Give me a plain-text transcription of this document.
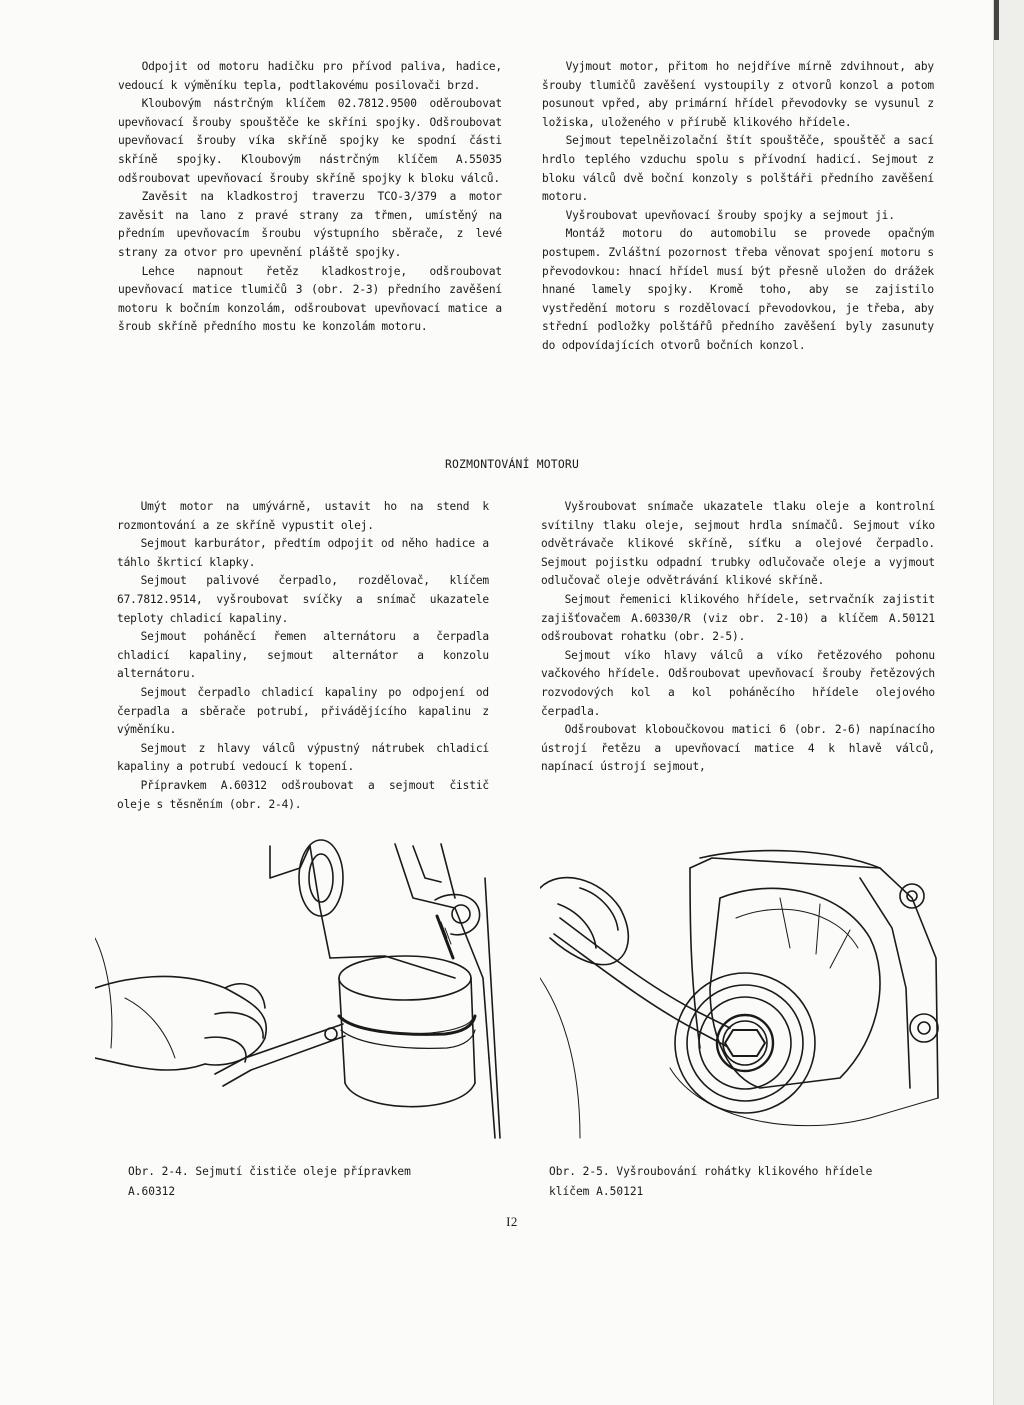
Odpojit od motoru hadičku pro přívod paliva, hadice, vedoucí k výměníku tepla, podtlakovému posilovači brzd.

Kloubovým nástrčným klíčem 02.7812.9500 oděroubovat upevňovací šrouby spouštěče ke skříni spojky. Odšroubovat upevňovací šrouby víka skříně spojky ke spodní části skříně spojky. Kloubovým nástrčným klíčem A.55035 odšroubovat upevňovací šrouby skříně spojky k bloku válců.

Zavěsit na kladkostroj traverzu TCO-3/379 a motor zavěsit na lano z pravé strany za třmen, umístěný na předním upevňovacím šroubu výstupního sběrače, z levé strany za otvor pro upevnění pláště spojky.

Lehce napnout řetěz kladkostroje, odšroubovat upevňovací matice tlumičů 3 (obr. 2-3) předního zavěšení motoru k bočním konzolám, odšroubovat upevňovací matice a šroub skříně předního mostu ke konzolám motoru.

Vyjmout motor, přitom ho nejdříve mírně zdvihnout, aby šrouby tlumičů zavěšení vystoupily z otvorů konzol a potom posunout vpřed, aby primární hřídel převodovky se vysunul z ložiska, uloženého v přírubě klikového hřídele.

Sejmout tepelněizolační štít spouštěče, spouštěč a sací hrdlo teplého vzduchu spolu s přívodní hadicí. Sejmout z bloku válců dvě boční konzoly s polštáři předního zavěšení motoru.

Vyšroubovat upevňovací šrouby spojky a sejmout ji.

Montáž motoru do automobilu se provede opačným postupem. Zvláštní pozornost třeba věnovat spojení motoru s převodovkou: hnací hřídel musí být přesně uložen do drážek hnané lamely spojky. Kromě toho, aby se zajistilo vystředění motoru s rozdělovací převodovkou, je třeba, aby střední podložky polštářů předního zavěšení byly zasunuty do odpovídajících otvorů bočních konzol.

ROZMONTOVÁNÍ MOTORU

Umýt motor na umývárně, ustavit ho na stend k rozmontování a ze skříně vypustit olej.

Sejmout karburátor, předtím odpojit od něho hadice a táhlo škrticí klapky.

Sejmout palivové čerpadlo, rozdělovač, klíčem 67.7812.9514, vyšroubovat svíčky a snímač ukazatele teploty chladicí kapaliny.

Sejmout poháněcí řemen alternátoru a čerpadla chladicí kapaliny, sejmout alternátor a konzolu alternátoru.

Sejmout čerpadlo chladicí kapaliny po odpojení od čerpadla a sběrače potrubí, přivádějícího kapalinu z výměníku.

Sejmout z hlavy válců výpustný nátrubek chladicí kapaliny a potrubí vedoucí k topení.

Přípravkem A.60312 odšroubovat a sejmout čistič oleje s těsněním (obr. 2-4).

Vyšroubovat snímače ukazatele tlaku oleje a kontrolní svítilny tlaku oleje, sejmout hrdla snímačů. Sejmout víko odvětrávače klikové skříně, síťku a olejové čerpadlo. Sejmout pojistku odpadní trubky odlučovače oleje a vyjmout odlučovač oleje odvětrávání klikové skříně.

Sejmout řemenici klikového hřídele, setrvačník zajistit zajišťovačem A.60330/R (viz obr. 2-10) a klíčem A.50121 odšroubovat rohatku (obr. 2-5).

Sejmout víko hlavy válců a víko řetězového pohonu vačkového hřídele. Odšroubovat upevňovací šrouby řetězových rozvodových kol a kol poháněcího hřídele olejového čerpadla.

Odšroubovat kloboučkovou matici 6 (obr. 2-6) napínacího ústrojí řetězu a upevňovací matice 4 k hlavě válců, napínací ústrojí sejmout,

Obr. 2-4. Sejmutí čističe oleje přípravkem
A.60312
Obr. 2-5. Vyšroubování rohátky klikového hřídele
klíčem A.50121
I2
